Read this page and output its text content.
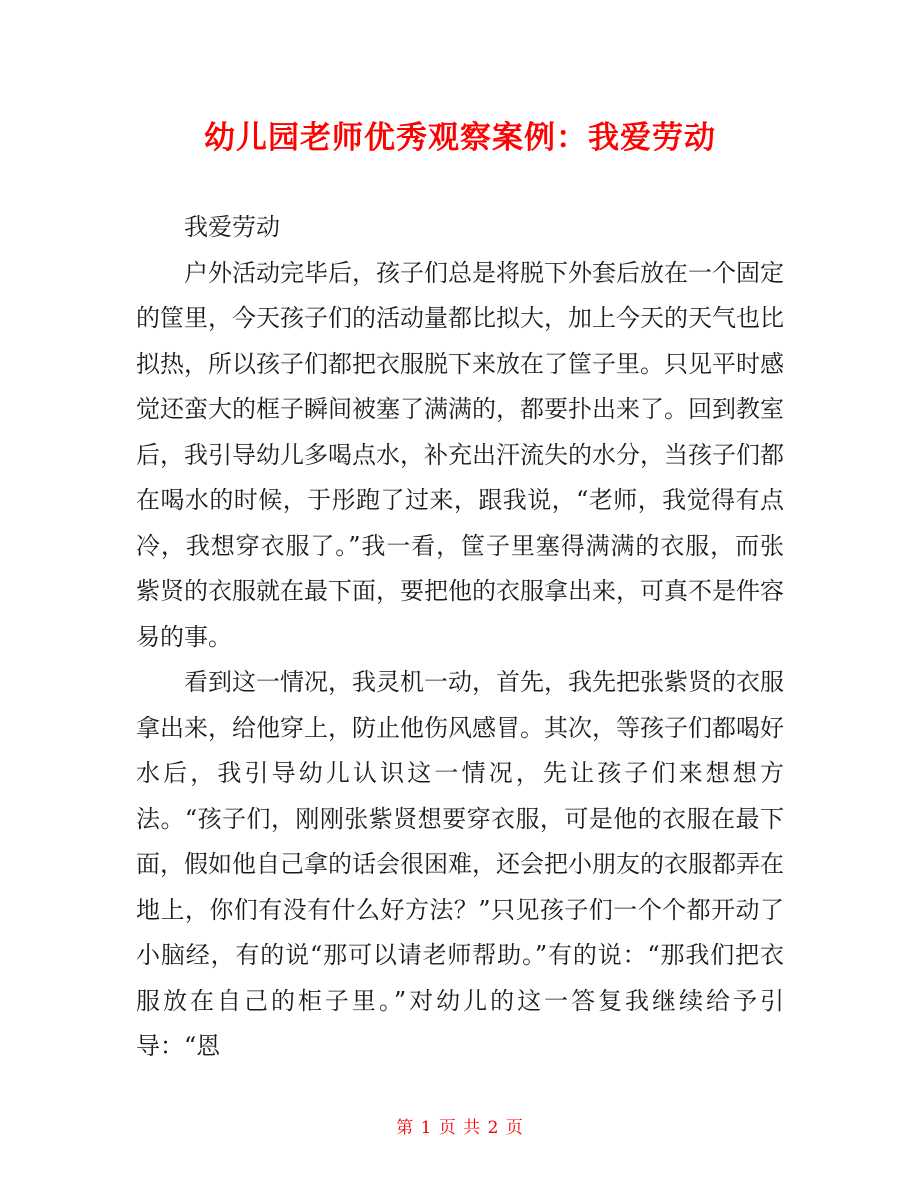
幼儿园老师优秀观察案例：我爱劳动

我爱劳动

户外活动完毕后，孩子们总是将脱下外套后放在一个固定的筐里，今天孩子们的活动量都比拟大，加上今天的天气也比拟热，所以孩子们都把衣服脱下来放在了筐子里。只见平时感觉还蛮大的框子瞬间被塞了满满的，都要扑出来了。回到教室后，我引导幼儿多喝点水，补充出汗流失的水分，当孩子们都在喝水的时候，于彤跑了过来，跟我说，“老师，我觉得有点冷，我想穿衣服了。”我一看，筐子里塞得满满的衣服，而张紫贤的衣服就在最下面，要把他的衣服拿出来，可真不是件容易的事。

看到这一情况，我灵机一动，首先，我先把张紫贤的衣服拿出来，给他穿上，防止他伤风感冒。其次，等孩子们都喝好水后，我引导幼儿认识这一情况，先让孩子们来想想方法。“孩子们，刚刚张紫贤想要穿衣服，可是他的衣服在最下面，假如他自己拿的话会很困难，还会把小朋友的衣服都弄在地上，你们有没有什么好方法？”只见孩子们一个个都开动了小脑经，有的说“那可以请老师帮助。”有的说：“那我们把衣服放在自己的柜子里。”对幼儿的这一答复我继续给予引导：“恩

第 1 页 共 2 页
